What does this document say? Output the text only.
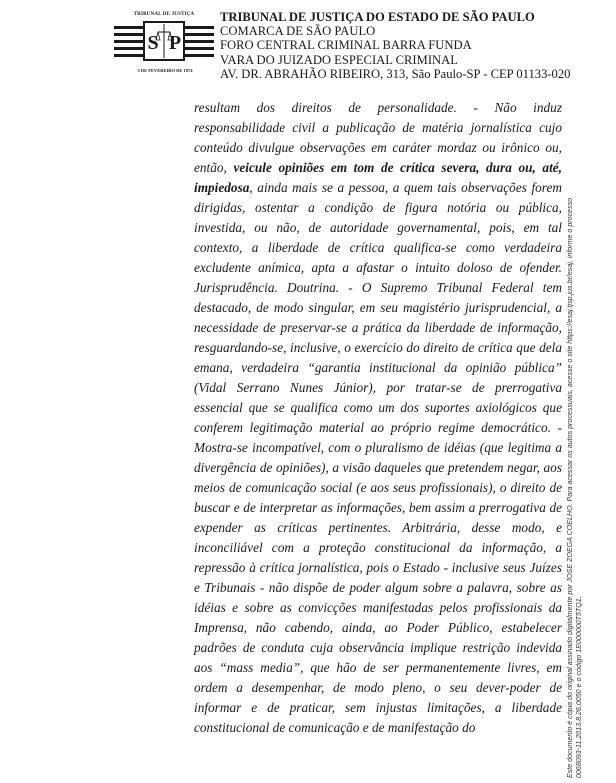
TRIBUNAL DE JUSTIÇA
S P
3 DE FEVEREIRO DE 1874
TRIBUNAL DE JUSTIÇA DO ESTADO DE SÃO PAULO
COMARCA DE SÃO PAULO
FORO CENTRAL CRIMINAL BARRA FUNDA
VARA DO JUIZADO ESPECIAL CRIMINAL
AV. DR. ABRAHÃO RIBEIRO, 313, São Paulo-SP - CEP 01133-020

resultam dos direitos de personalidade. - Não induz responsabilidade civil a publicação de matéria jornalística cujo conteúdo divulgue observações em caráter mordaz ou irônico ou, então, veicule opiniões em tom de crítica severa, dura ou, até, impiedosa, ainda mais se a pessoa, a quem tais observações forem dirigidas, ostentar a condição de figura notória ou pública, investida, ou não, de autoridade governamental, pois, em tal contexto, a liberdade de crítica qualifica-se como verdadeira excludente anímica, apta a afastar o intuito doloso de ofender. Jurisprudência. Doutrina. - O Supremo Tribunal Federal tem destacado, de modo singular, em seu magistério jurisprudencial, a necessidade de preservar-se a prática da liberdade de informação, resguardando-se, inclusive, o exercício do direito de crítica que dela emana, verdadeira “garantia institucional da opinião pública” (Vidal Serrano Nunes Júnior), por tratar-se de prerrogativa essencial que se qualifica como um dos suportes axiológicos que conferem legitimação material ao próprio regime democrático. - Mostra-se incompatível, com o pluralismo de idéias (que legitima a divergência de opiniões), a visão daqueles que pretendem negar, aos meios de comunicação social (e aos seus profissionais), o direito de buscar e de interpretar as informações, bem assim a prerrogativa de expender as críticas pertinentes. Arbitrária, desse modo, e inconciliável com a proteção constitucional da informação, a repressão à crítica jornalística, pois o Estado - inclusive seus Juízes e Tribunais - não dispõe de poder algum sobre a palavra, sobre as idéias e sobre as convicções manifestadas pelos profissionais da Imprensa, não cabendo, ainda, ao Poder Público, estabelecer padrões de conduta cuja observância implique restrição indevida aos “mass media”, que hão de ser permanentemente livres, em ordem a desempenhar, de modo pleno, o seu dever-poder de informar e de praticar, sem injustas limitações, a liberdade constitucional de comunicação e de manifestação do	Este documento é cópia do original assinado digitalmente por JOSE ZOEGA COELHO. Para acessar os autos processuais, acesse o site https://esaj.tjsp.jus.br/esaj, informe o processo 0068093-11.2013.8.26.0050 e o código 1E000000T5TQ1.
